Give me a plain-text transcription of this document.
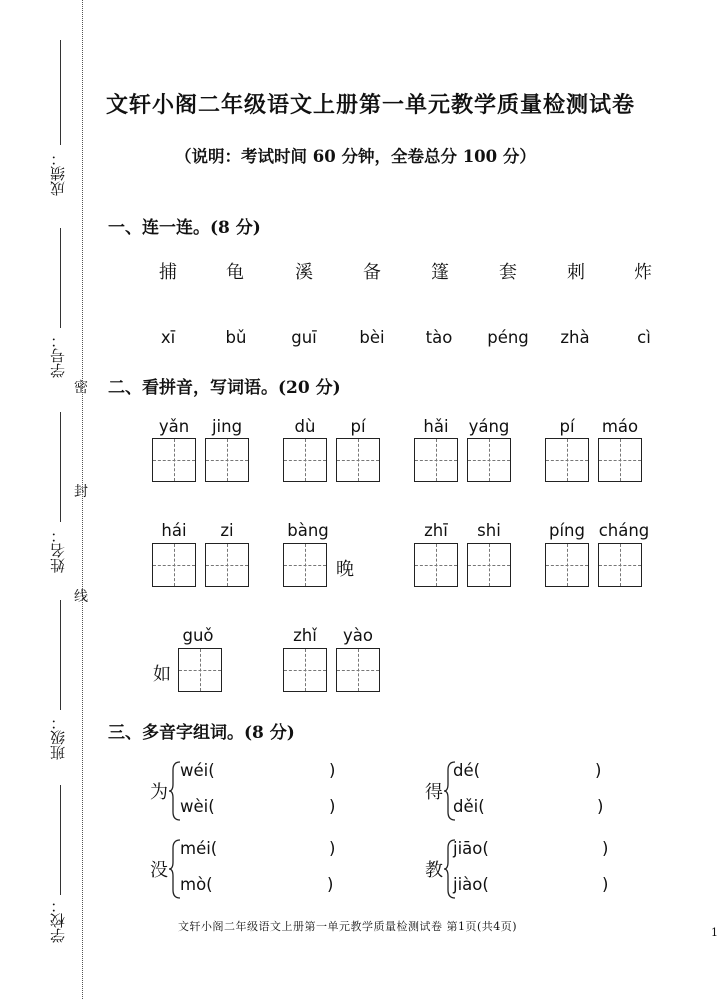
成绩：
学号：
姓名：
班级：
学校：
密
封
线
文轩小阁二年级语文上册第一单元教学质量检测试卷
（说明：考试时间 60 分钟，全卷总分 100 分）
一、连一连。(8 分)
捕	龟	溪	备	篷	套	刺	炸
xī	bǔ	guī	bèi	tào	péng	zhà	cì
二、看拼音，写词语。(20 分)
yǎn	jing	dù	pí	hǎi	yáng	pí	máo
hái	zi	bàng	zhī	shi	píng cháng
晚
guǒ	zhǐ	yào
如
三、多音字组词。(8 分)
为
wéi(	)
wèi(	)
得
dé(	)
děi(	)
没
méi(	)
mò(	)
教
jiāo(	)
jiào(	)
文轩小阁二年级语文上册第一单元教学质量检测试卷 第1页(共4页)	1
